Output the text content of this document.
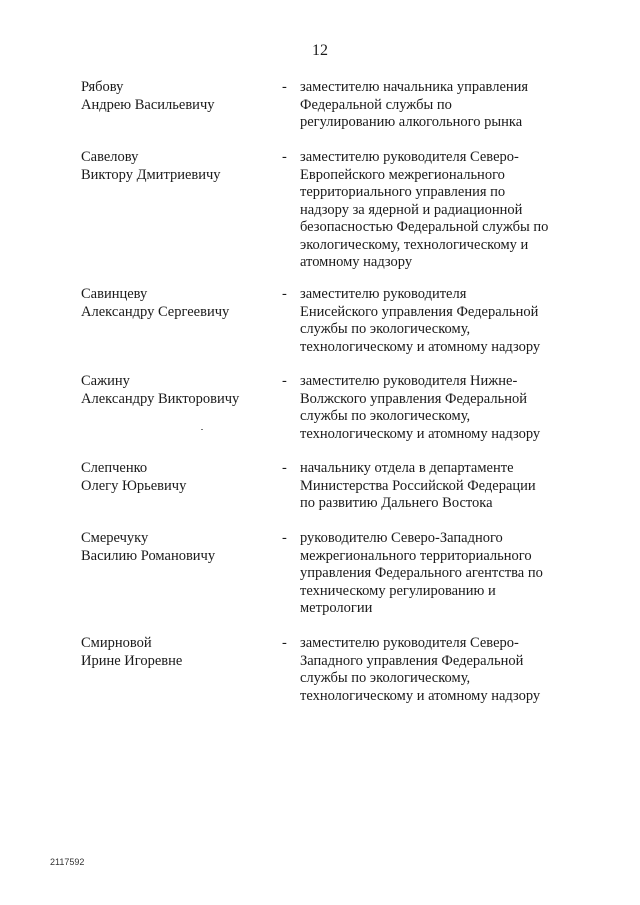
12
Рябову
Андрею Васильевичу
- заместителю начальника управления
Федеральной службы по
регулированию алкогольного рынка
Савелову
Виктору Дмитриевичу
- заместителю руководителя Северо-
Европейского межрегионального
территориального управления по
надзору за ядерной и радиационной
безопасностью Федеральной службы по
экологическому, технологическому и
атомному надзору
Савинцеву
Александру Сергеевичу
- заместителю руководителя
Енисейского управления Федеральной
службы по экологическому,
технологическому и атомному надзору
Сажину
Александру Викторовичу
- заместителю руководителя Нижне-
Волжского управления Федеральной
службы по экологическому,
технологическому и атомному надзору
Слепченко
Олегу Юрьевичу
- начальнику отдела в департаменте
Министерства Российской Федерации
по развитию Дальнего Востока
Смеречуку
Василию Романовичу
- руководителю Северо-Западного
межрегионального территориального
управления Федерального агентства по
техническому регулированию и
метрологии
Смирновой
Ирине Игоревне
- заместителю руководителя Северо-
Западного управления Федеральной
службы по экологическому,
технологическому и атомному надзору
2117592
